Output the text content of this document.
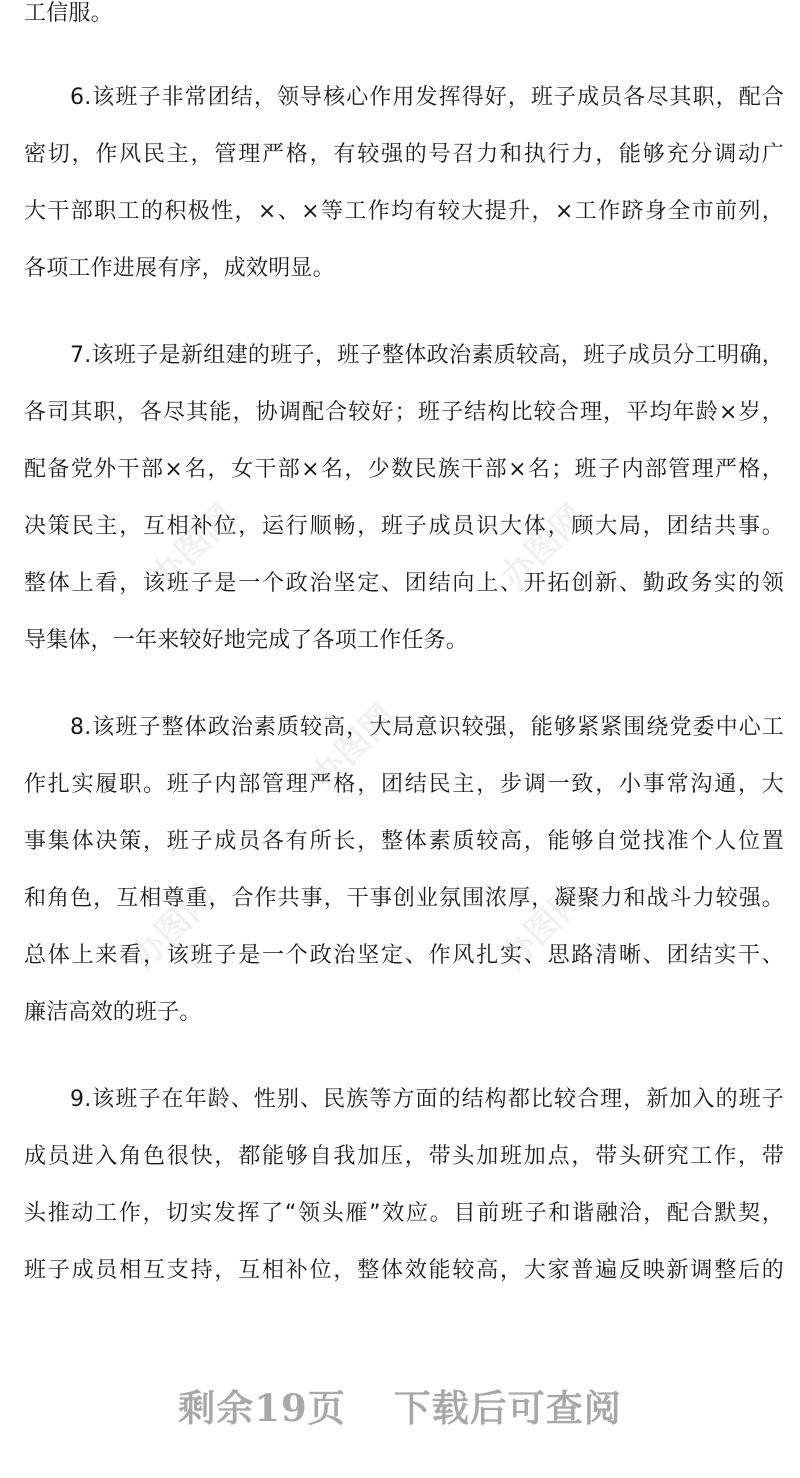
工信服。
6.该班子非常团结，领导核心作用发挥得好，班子成员各尽其职，配合
密切，作风民主，管理严格，有较强的号召力和执行力，能够充分调动广
大干部职工的积极性，×、×等工作均有较大提升，×工作跻身全市前列，
各项工作进展有序，成效明显。
7.该班子是新组建的班子，班子整体政治素质较高，班子成员分工明确，
各司其职，各尽其能，协调配合较好；班子结构比较合理，平均年龄×岁，
配备党外干部×名，女干部×名，少数民族干部×名；班子内部管理严格，
决策民主，互相补位，运行顺畅，班子成员识大体，顾大局，团结共事。
整体上看，该班子是一个政治坚定、团结向上、开拓创新、勤政务实的领
导集体，一年来较好地完成了各项工作任务。
8.该班子整体政治素质较高，大局意识较强，能够紧紧围绕党委中心工
作扎实履职。班子内部管理严格，团结民主，步调一致，小事常沟通，大
事集体决策，班子成员各有所长，整体素质较高，能够自觉找准个人位置
和角色，互相尊重，合作共事，干事创业氛围浓厚，凝聚力和战斗力较强。
总体上来看，该班子是一个政治坚定、作风扎实、思路清晰、团结实干、
廉洁高效的班子。
9.该班子在年龄、性别、民族等方面的结构都比较合理，新加入的班子
成员进入角色很快，都能够自我加压，带头加班加点，带头研究工作，带
头推动工作，切实发挥了“领头雁”效应。目前班子和谐融洽，配合默契，
班子成员相互支持，互相补位，整体效能较高，大家普遍反映新调整后的
办图网	办图网
办图网
办图网	办图网
剩余19页 下载后可查阅
